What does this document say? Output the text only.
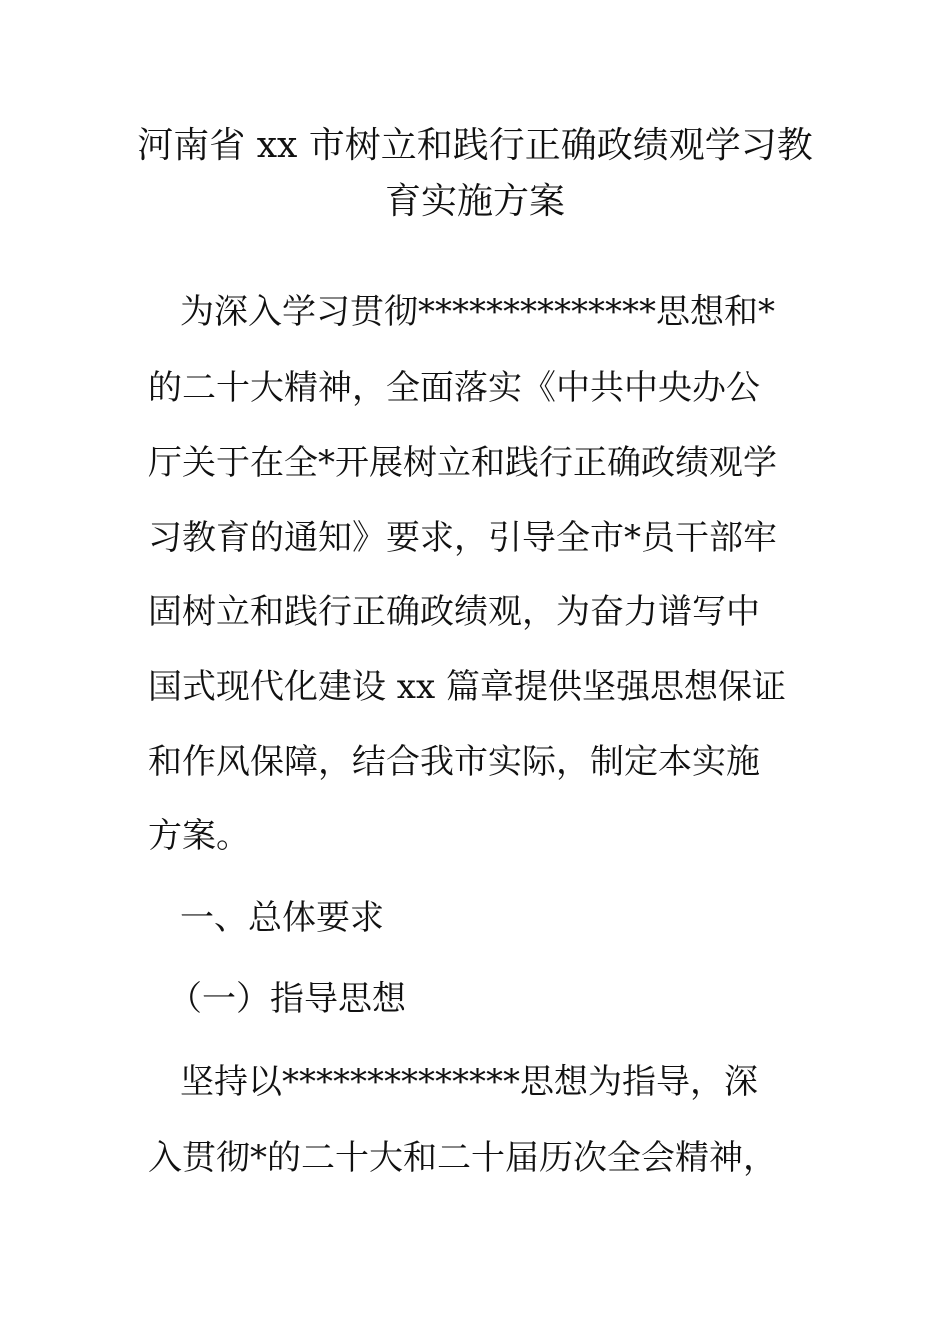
河南省 xx 市树立和践行正确政绩观学习教
育实施方案
为深入学习贯彻**************思想和*
的二十大精神，全面落实《中共中央办公
厅关于在全*开展树立和践行正确政绩观学
习教育的通知》要求，引导全市*员干部牢
固树立和践行正确政绩观，为奋力谱写中
国式现代化建设 xx 篇章提供坚强思想保证
和作风保障，结合我市实际，制定本实施
方案。
一、总体要求
（一）指导思想
坚持以**************思想为指导，深
入贯彻*的二十大和二十届历次全会精神，
